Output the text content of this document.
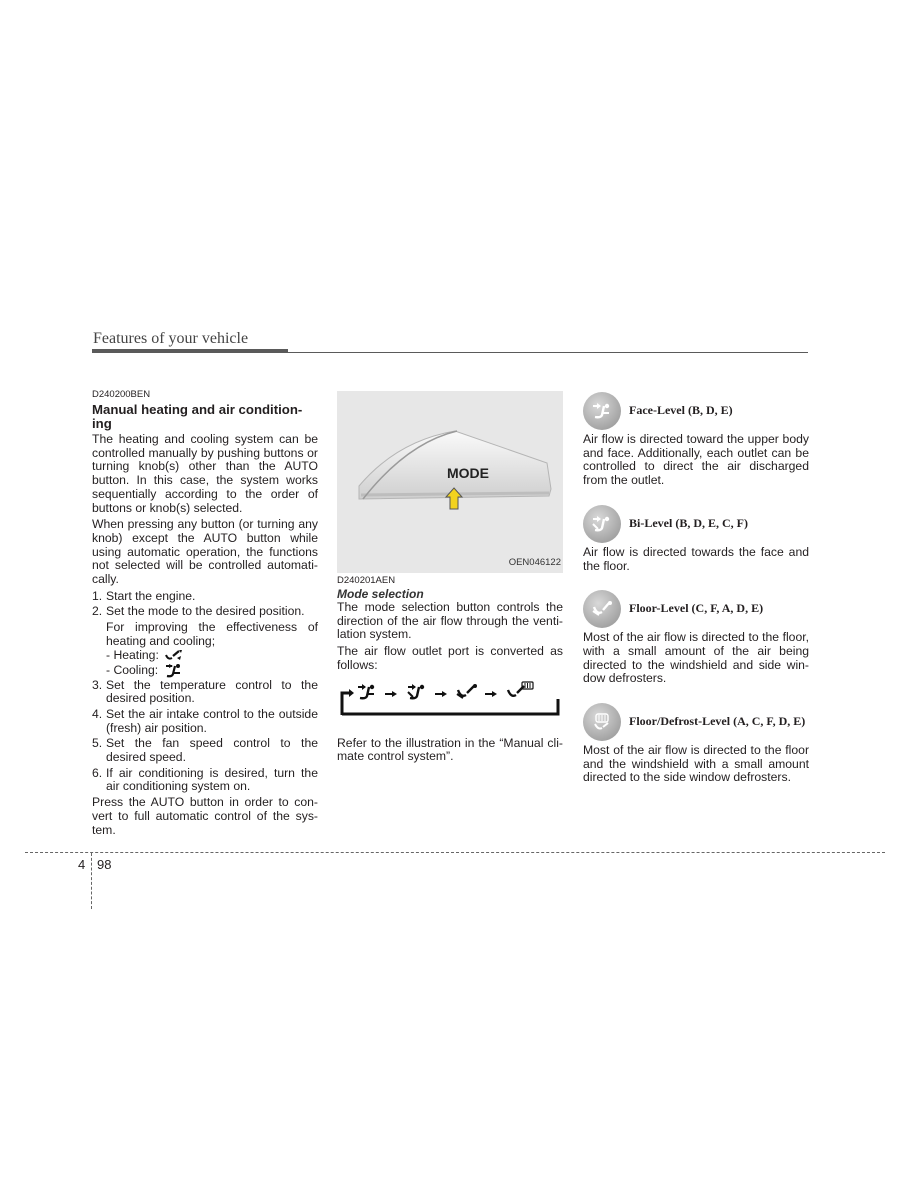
Features of your vehicle
D240200BEN
Manual heating and air condition-ing

The heating and cooling system can be controlled manually by pushing buttons or turning knob(s) other than the AUTO button. In this case, the system works sequentially according to the order of buttons or knob(s) selected.

When pressing any button (or turning any knob) except the AUTO button while using automatic operation, the functions not selected will be controlled automati-cally.

1. Start the engine.
2. Set the mode to the desired position.
For improving the effectiveness of heating and cooling;
- Heating:
- Cooling:
3. Set the temperature control to the desired position.
4. Set the air intake control to the outside (fresh) air position.
5. Set the fan speed control to the desired speed.
6. If air conditioning is desired, turn the air conditioning system on.

Press the AUTO button in order to con-vert to full automatic control of the sys-tem.

MODE
OEN046122
D240201AEN
Mode selection

The mode selection button controls the direction of the air flow through the venti-lation system.

The air flow outlet port is converted as follows:

Refer to the illustration in the “Manual cli-mate control system”.

Face-Level (B, D, E)

Air flow is directed toward the upper body and face. Additionally, each outlet can be controlled to direct the air discharged from the outlet.

Bi-Level (B, D, E, C, F)

Air flow is directed towards the face and the floor.

Floor-Level (C, F, A, D, E)

Most of the air flow is directed to the floor, with a small amount of the air being directed to the windshield and side win-dow defrosters.

Floor/Defrost-Level (A, C, F, D, E)

Most of the air flow is directed to the floor and the windshield with a small amount directed to the side window defrosters.

4 98
